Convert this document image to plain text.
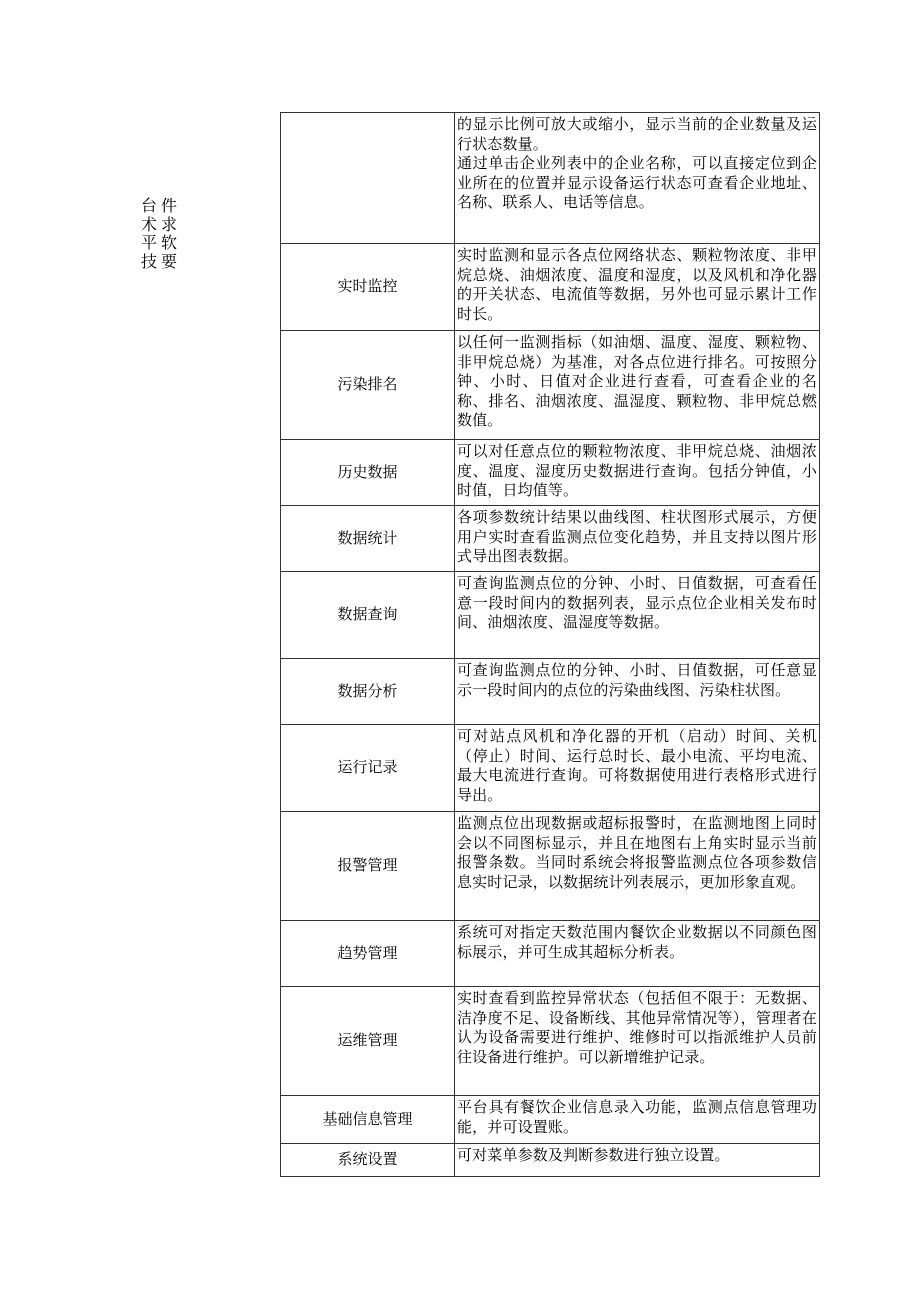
台 件
术 求
平 软
技 要

	的显示比例可放大或缩小，显示当前的企业数量及运行状态数量。

通过单击企业列表中的企业名称，可以直接定位到企业所在的位置并显示设备运行状态可查看企业地址、名称、联系人、电话等信息。

实时监控	实时监测和显示各点位网络状态、颗粒物浓度、非甲烷总烧、油烟浓度、温度和湿度，以及风机和净化器的开关状态、电流值等数据，另外也可显示累计工作时长。

污染排名	以任何一监测指标（如油烟、温度、湿度、颗粒物、非甲烷总烧）为基准，对各点位进行排名。可按照分钟、小时、日值对企业进行查看，可查看企业的名称、排名、油烟浓度、温湿度、颗粒物、非甲烷总燃数值。

历史数据	可以对任意点位的颗粒物浓度、非甲烷总烧、油烟浓度、温度、湿度历史数据进行查询。包括分钟值，小时值，日均值等。

数据统计	各项参数统计结果以曲线图、柱状图形式展示，方便用户实时查看监测点位变化趋势，并且支持以图片形式导出图表数据。

数据查询	可查询监测点位的分钟、小时、日值数据，可查看任意一段时间内的数据列表，显示点位企业相关发布时间、油烟浓度、温湿度等数据。

数据分析	可查询监测点位的分钟、小时、日值数据，可任意显示一段时间内的点位的污染曲线图、污染柱状图。

运行记录	可对站点风机和净化器的开机（启动）时间、关机（停止）时间、运行总时长、最小电流、平均电流、最大电流进行查询。可将数据使用进行表格形式进行导出。

报警管理	监测点位出现数据或超标报警时，在监测地图上同时会以不同图标显示，并且在地图右上角实时显示当前报警条数。当同时系统会将报警监测点位各项参数信息实时记录，以数据统计列表展示，更加形象直观。

趋势管理	系统可对指定天数范围内餐饮企业数据以不同颜色图标展示，并可生成其超标分析表。

运维管理	实时查看到监控异常状态（包括但不限于：无数据、洁净度不足、设备断线、其他异常情况等），管理者在认为设备需要进行维护、维修时可以指派维护人员前往设备进行维护。可以新增维护记录。

基础信息管理	平台具有餐饮企业信息录入功能，监测点信息管理功能，并可设置账。

系统设置	可对菜单参数及判断参数进行独立设置。
